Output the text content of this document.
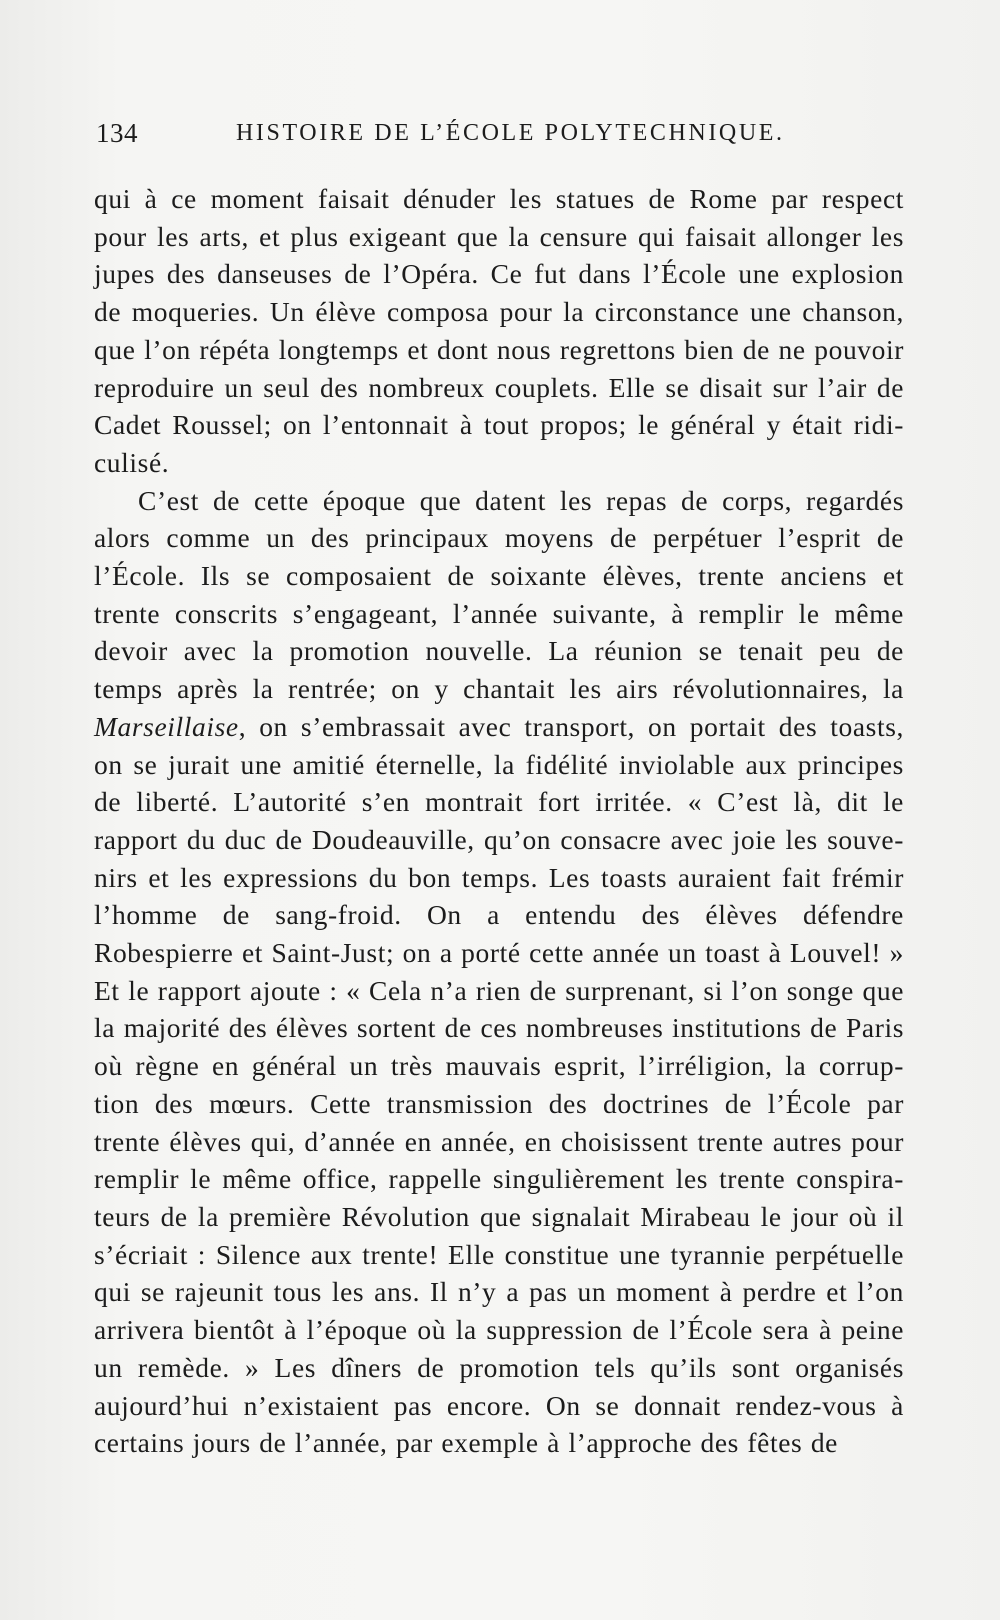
134	HISTOIRE DE L’ÉCOLE POLYTECHNIQUE.

qui à ce moment faisait dénuder les statues de Rome par respect pour les arts, et plus exigeant que la censure qui faisait allonger les jupes des danseuses de l’Opéra. Ce fut dans l’École une explosion de moqueries. Un élève composa pour la circonstance une chanson, que l’on répéta longtemps et dont nous regrettons bien de ne pouvoir reproduire un seul des nombreux couplets. Elle se disait sur l’air de Cadet Roussel; on l’entonnait à tout propos; le général y était ridi-culisé.

C’est de cette époque que datent les repas de corps, regardés alors comme un des principaux moyens de perpétuer l’esprit de l’École. Ils se composaient de soixante élèves, trente anciens et trente conscrits s’engageant, l’année suivante, à remplir le même devoir avec la promotion nouvelle. La réunion se tenait peu de temps après la rentrée; on y chantait les airs révolutionnaires, la Marseillaise, on s’embrassait avec transport, on portait des toasts, on se jurait une amitié éternelle, la fidélité inviolable aux principes de liberté. L’autorité s’en montrait fort irritée. « C’est là, dit le rapport du duc de Doudeauville, qu’on consacre avec joie les souve-nirs et les expressions du bon temps. Les toasts auraient fait frémir l’homme de sang-froid. On a entendu des élèves défendre Robespierre et Saint-Just; on a porté cette année un toast à Louvel! » Et le rapport ajoute : « Cela n’a rien de surprenant, si l’on songe que la majorité des élèves sortent de ces nombreuses institutions de Paris où règne en général un très mauvais esprit, l’irréligion, la corrup-tion des mœurs. Cette transmission des doctrines de l’École par trente élèves qui, d’année en année, en choisissent trente autres pour remplir le même office, rappelle singulièrement les trente conspira-teurs de la première Révolution que signalait Mirabeau le jour où il s’écriait : Silence aux trente! Elle constitue une tyrannie perpétuelle qui se rajeunit tous les ans. Il n’y a pas un moment à perdre et l’on arrivera bientôt à l’époque où la suppression de l’École sera à peine un remède. » Les dîners de promotion tels qu’ils sont organisés aujourd’hui n’existaient pas encore. On se donnait rendez-vous à certains jours de l’année, par exemple à l’approche des fêtes de
